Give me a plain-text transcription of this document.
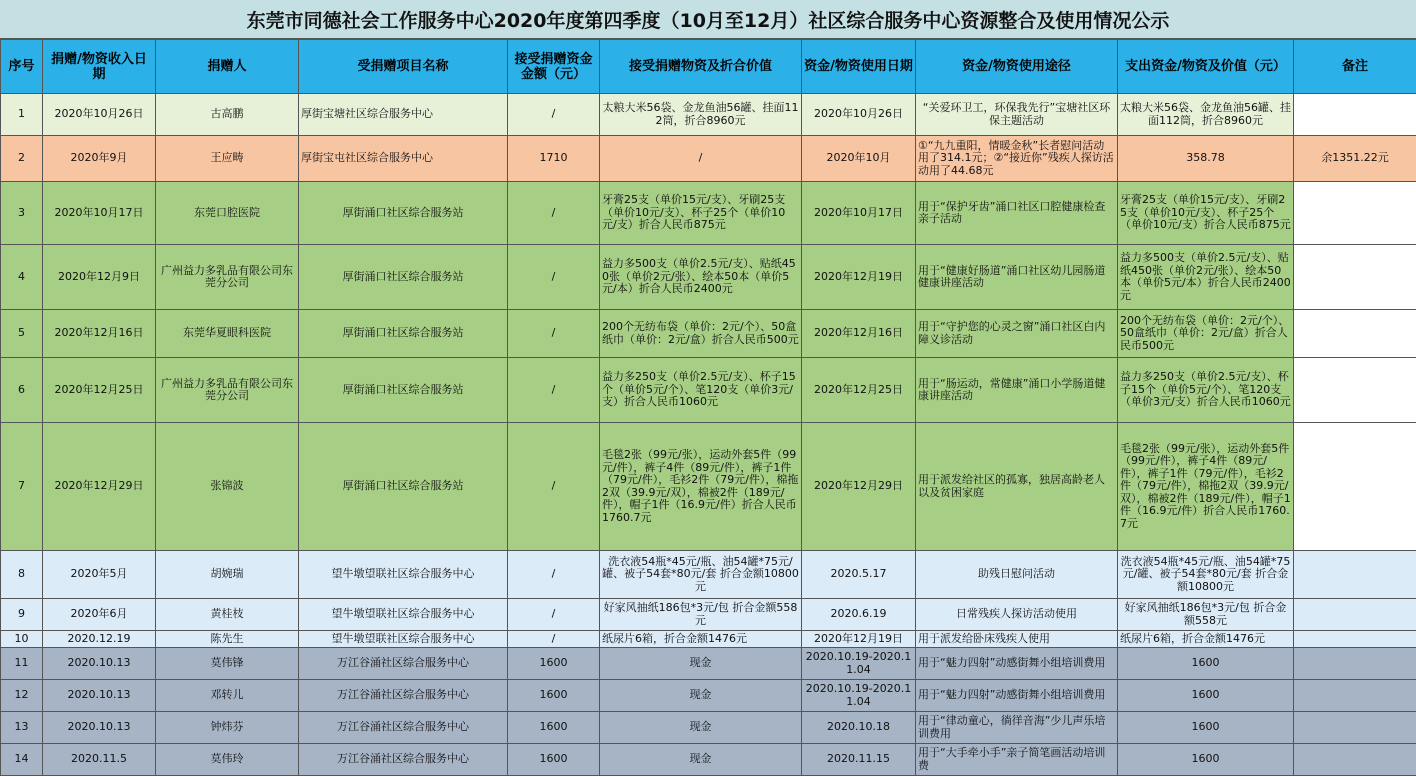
东莞市同德社会工作服务中心2020年度第四季度（10月至12月）社区综合服务中心资源整合及使用情况公示
序号	捐赠/物资收入日期	捐赠人	受捐赠项目名称	接受捐赠资金金额（元）	接受捐赠物资及折合价值	资金/物资使用日期	资金/物资使用途径	支出资金/物资及价值（元）	备注
1	2020年10月26日	古高鹏	厚街宝塘社区综合服务中心	/	太粮大米56袋、金龙鱼油56罐、挂面112筒，折合8960元	2020年10月26日	“关爱环卫工，环保我先行”宝塘社区环保主题活动	太粮大米56袋、金龙鱼油56罐、挂面112筒，折合8960元	
2	2020年9月	王应畴	厚街宝屯社区综合服务中心	1710	/	2020年10月	①“九九重阳，情暖金秋”长者慰问活动用了314.1元；②“接近你”残疾人探访活动用了44.68元	358.78	余1351.22元
3	2020年10月17日	东莞口腔医院	厚街涌口社区综合服务站	/	牙膏25支（单价15元/支）、牙刷25支（单价10元/支）、杯子25个（单价10元/支）折合人民币875元	2020年10月17日	用于“保护牙齿”涌口社区口腔健康检查亲子活动	牙膏25支（单价15元/支）、牙刷25支（单价10元/支）、杯子25个（单价10元/支）折合人民币875元	
4	2020年12月9日	广州益力多乳品有限公司东莞分公司	厚街涌口社区综合服务站	/	益力多500支（单价2.5元/支）、贴纸450张（单价2元/张）、绘本50本（单价5元/本）折合人民币2400元	2020年12月19日	用于“健康好肠道”涌口社区幼儿园肠道健康讲座活动	益力多500支（单价2.5元/支）、贴纸450张（单价2元/张）、绘本50本（单价5元/本）折合人民币2400元	
5	2020年12月16日	东莞华夏眼科医院	厚街涌口社区综合服务站	/	200个无纺布袋（单价：2元/个）、50盒纸巾（单价：2元/盒）折合人民币500元	2020年12月16日	用于“守护您的心灵之窗”涌口社区白内障义诊活动	200个无纺布袋（单价：2元/个）、50盒纸巾（单价：2元/盒）折合人民币500元	
6	2020年12月25日	广州益力多乳品有限公司东莞分公司	厚街涌口社区综合服务站	/	益力多250支（单价2.5元/支）、杯子15个（单价5元/个）、笔120支（单价3元/支）折合人民币1060元	2020年12月25日	用于“肠运动，常健康”涌口小学肠道健康讲座活动	益力多250支（单价2.5元/支）、杯子15个（单价5元/个）、笔120支（单价3元/支）折合人民币1060元	
7	2020年12月29日	张锦波	厚街涌口社区综合服务站	/	毛毯2张（99元/张），运动外套5件（99元/件），裤子4件（89元/件），裤子1件（79元/件），毛衫2件（79元/件），棉拖2双（39.9元/双），棉被2件（189元/件），帽子1件（16.9元/件）折合人民币1760.7元	2020年12月29日	用于派发给社区的孤寡，独居高龄老人以及贫困家庭	毛毯2张（99元/张），运动外套5件（99元/件），裤子4件（89元/件），裤子1件（79元/件），毛衫2件（79元/件），棉拖2双（39.9元/双），棉被2件（189元/件），帽子1件（16.9元/件）折合人民币1760.7元	
8	2020年5月	胡婉瑞	望牛墩望联社区综合服务中心	/	洗衣液54瓶*45元/瓶、油54罐*75元/罐、被子54套*80元/套 折合金额10800元	2020.5.17	助残日慰问活动	洗衣液54瓶*45元/瓶、油54罐*75元/罐、被子54套*80元/套 折合金额10800元	
9	2020年6月	黄桂枝	望牛墩望联社区综合服务中心	/	好家风抽纸186包*3元/包 折合金额558元	2020.6.19	日常残疾人探访活动使用	好家风抽纸186包*3元/包 折合金额558元	
10	2020.12.19	陈先生	望牛墩望联社区综合服务中心	/	纸尿片6箱，折合金额1476元	2020年12月19日	用于派发给卧床残疾人使用	纸尿片6箱，折合金额1476元	
11	2020.10.13	莫伟锋	万江谷涌社区综合服务中心	1600	现金	2020.10.19-2020.11.04	用于“魅力四射”动感街舞小组培训费用	1600	
12	2020.10.13	邓转儿	万江谷涌社区综合服务中心	1600	现金	2020.10.19-2020.11.04	用于“魅力四射”动感街舞小组培训费用	1600	
13	2020.10.13	钟炜芬	万江谷涌社区综合服务中心	1600	现金	2020.10.18	用于“律动童心，徜徉音海”少儿声乐培训费用	1600	
14	2020.11.5	莫伟玲	万江谷涌社区综合服务中心	1600	现金	2020.11.15	用于“大手牵小手”亲子简笔画活动培训费	1600	
